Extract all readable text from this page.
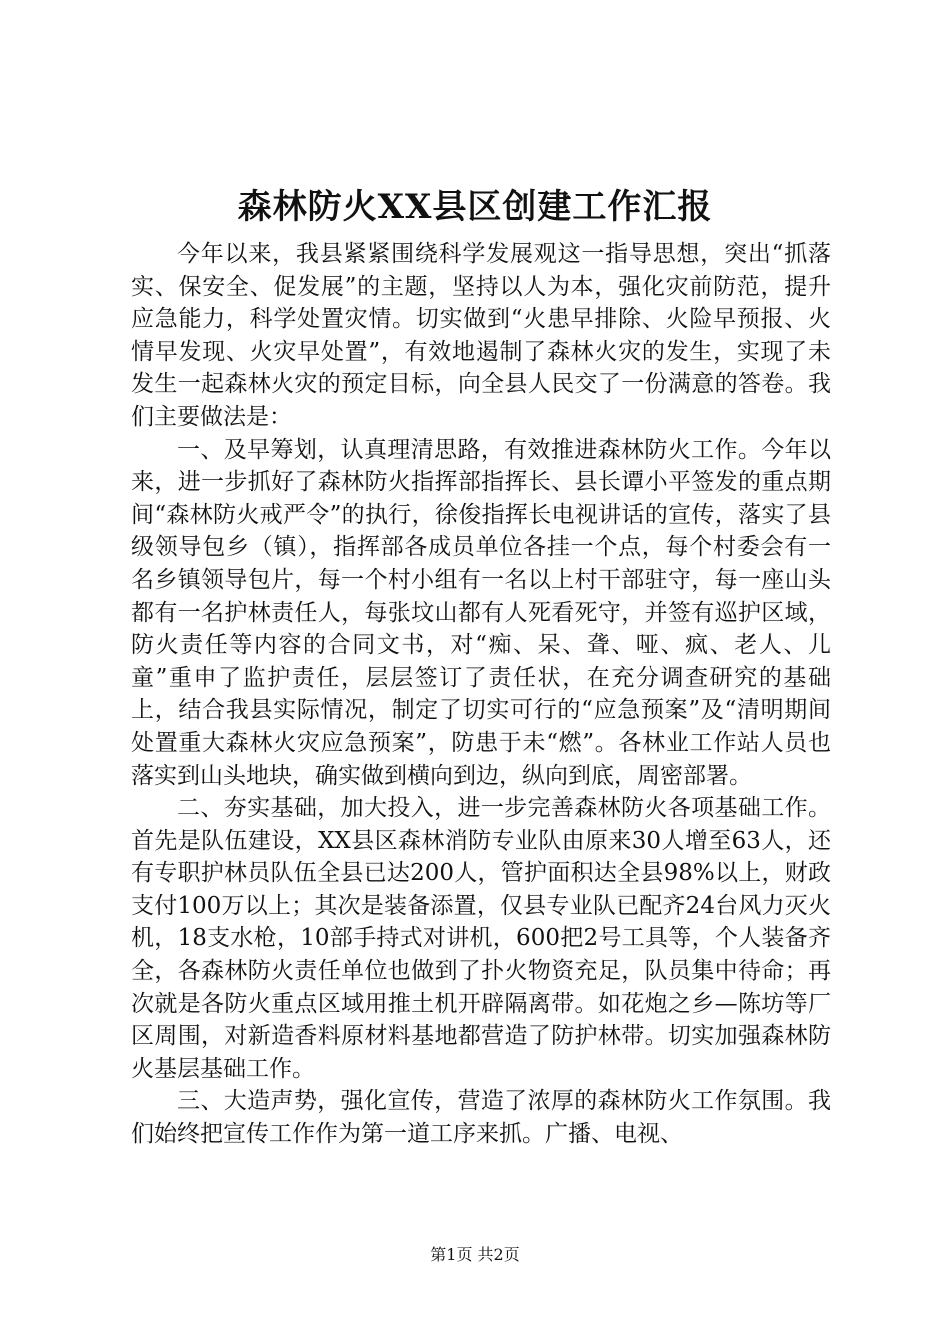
森林防火XX县区创建工作汇报

今年以来，我县紧紧围绕科学发展观这一指导思想，突出“抓落实、保安全、促发展”的主题，坚持以人为本，强化灾前防范，提升应急能力，科学处置灾情。切实做到“火患早排除、火险早预报、火情早发现、火灾早处置”，有效地遏制了森林火灾的发生，实现了未发生一起森林火灾的预定目标，向全县人民交了一份满意的答卷。我们主要做法是：

一、及早筹划，认真理清思路，有效推进森林防火工作。今年以来，进一步抓好了森林防火指挥部指挥长、县长谭小平签发的重点期间“森林防火戒严令”的执行，徐俊指挥长电视讲话的宣传，落实了县级领导包乡（镇），指挥部各成员单位各挂一个点，每个村委会有一名乡镇领导包片，每一个村小组有一名以上村干部驻守，每一座山头都有一名护林责任人，每张坟山都有人死看死守，并签有巡护区域，防火责任等内容的合同文书，对“痴、呆、聋、哑、疯、老人、儿童”重申了监护责任，层层签订了责任状，在充分调查研究的基础上，结合我县实际情况，制定了切实可行的“应急预案”及“清明期间处置重大森林火灾应急预案”，防患于未“燃”。各林业工作站人员也落实到山头地块，确实做到横向到边，纵向到底，周密部署。

二、夯实基础，加大投入，进一步完善森林防火各项基础工作。首先是队伍建设，XX县区森林消防专业队由原来30人增至63人，还有专职护林员队伍全县已达200人，管护面积达全县98%以上，财政支付100万以上；其次是装备添置，仅县专业队已配齐24台风力灭火机，18支水枪，10部手持式对讲机，600把2号工具等，个人装备齐全，各森林防火责任单位也做到了扑火物资充足，队员集中待命；再次就是各防火重点区域用推土机开辟隔离带。如花炮之乡—陈坊等厂区周围，对新造香料原材料基地都营造了防护林带。切实加强森林防火基层基础工作。

三、大造声势，强化宣传，营造了浓厚的森林防火工作氛围。我们始终把宣传工作作为第一道工序来抓。广播、电视、

第1页 共2页
